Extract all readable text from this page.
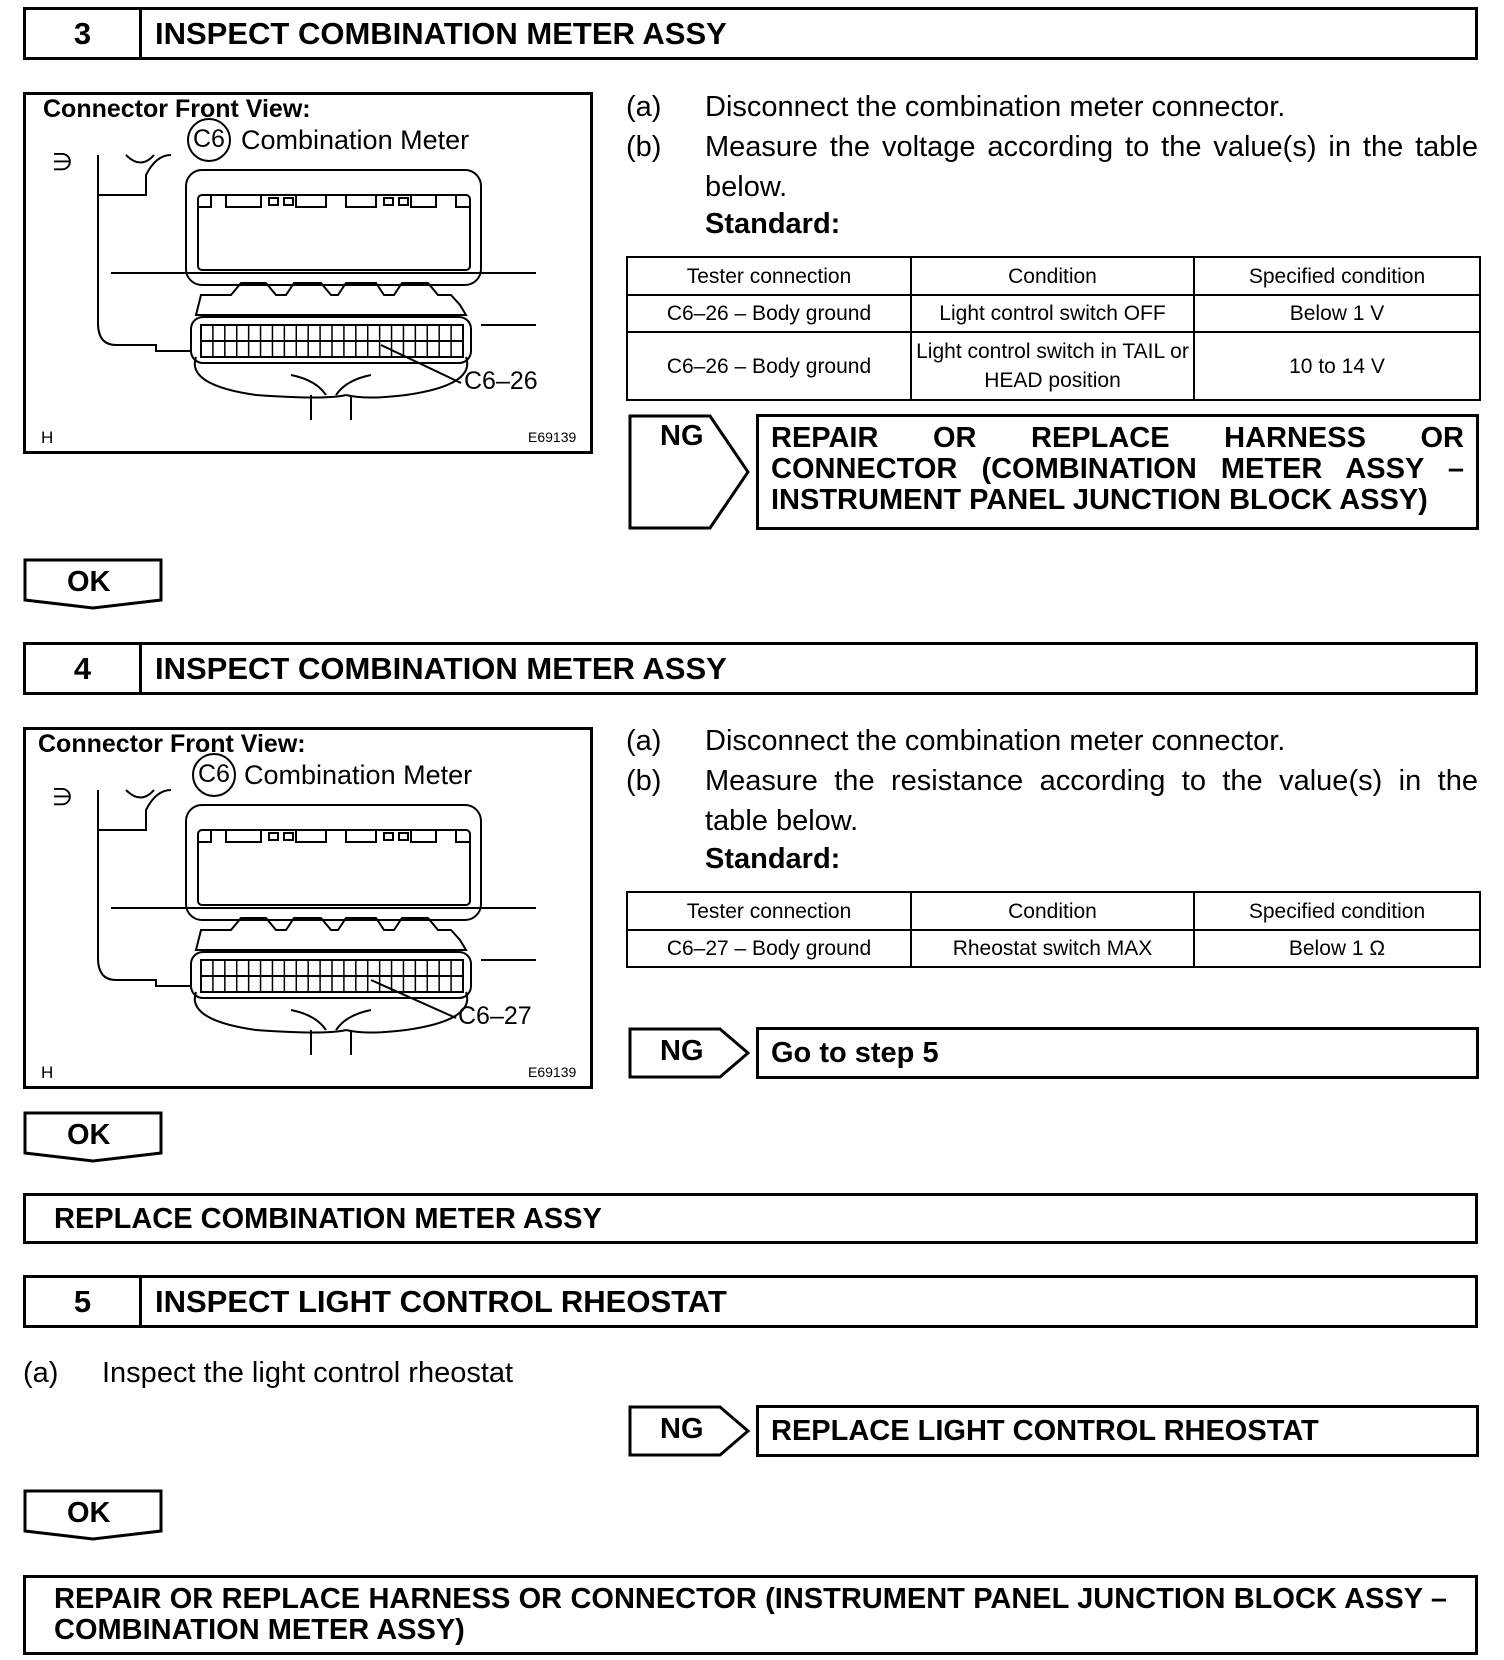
3	INSPECT COMBINATION METER ASSY
∋
Connector Front View:
C6 Combination Meter
C6–26
H	E69139
(a)	Disconnect the combination meter connector.
(b)	Measure the voltage according to the value(s) in the table below.
Standard:
Tester connection	Condition	Specified condition
C6–26 – Body ground	Light control switch OFF	Below 1 V
C6–26 – Body ground	Light control switch in TAIL or HEAD position	10 to 14 V
NG	REPAIR OR REPLACE HARNESS OR CONNECTOR (COMBINATION METER ASSY – INSTRUMENT PANEL JUNCTION BLOCK ASSY)
OK
4	INSPECT COMBINATION METER ASSY
∋
Connector Front View:
C6 Combination Meter
C6–27
H	E69139
(a)	Disconnect the combination meter connector.
(b)	Measure the resistance according to the value(s) in the table below.
Standard:
Tester connection	Condition	Specified condition
C6–27 – Body ground	Rheostat switch MAX	Below 1 Ω
NG Go to step 5
OK
REPLACE COMBINATION METER ASSY
5	INSPECT LIGHT CONTROL RHEOSTAT
(a)	Inspect the light control rheostat
NG REPLACE LIGHT CONTROL RHEOSTAT
OK
REPAIR OR REPLACE HARNESS OR CONNECTOR (INSTRUMENT PANEL JUNCTION BLOCK ASSY – COMBINATION METER ASSY)
